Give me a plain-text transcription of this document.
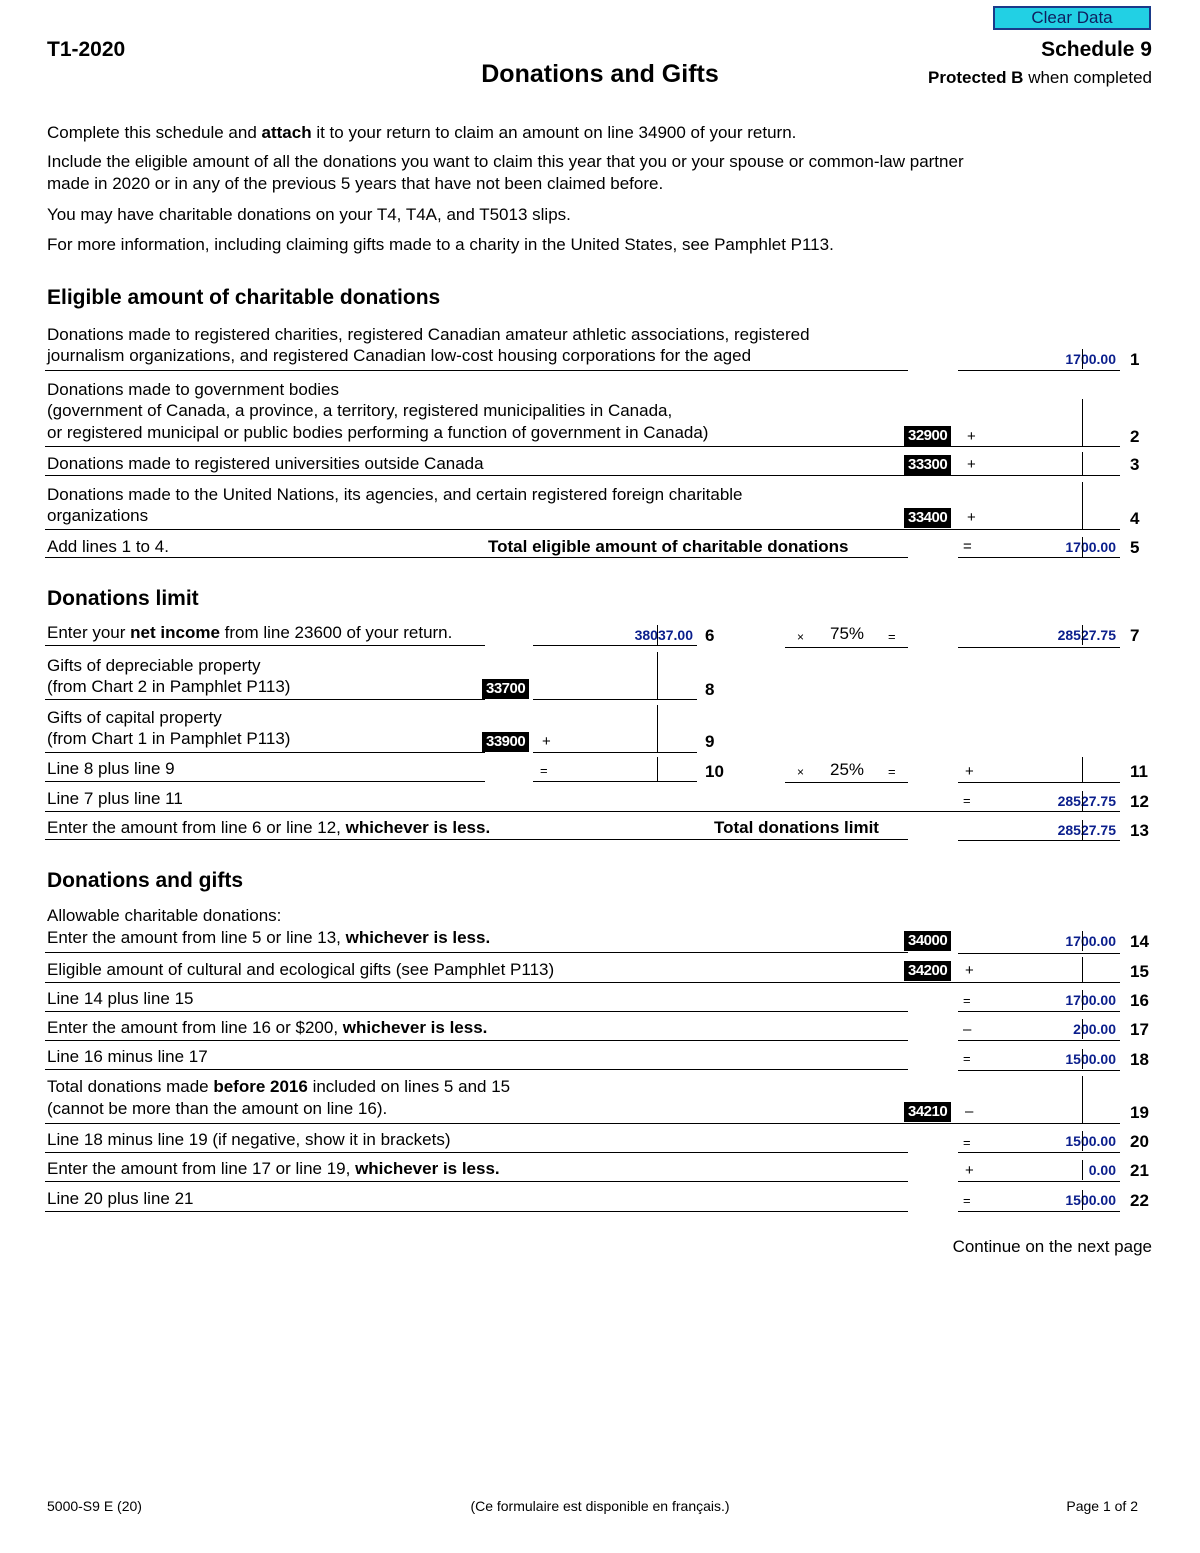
Clear Data
T1-2020
Donations and Gifts
Schedule 9
Protected B when completed
Complete this schedule and attach it to your return to claim an amount on line 34900 of your return.
Include the eligible amount of all the donations you want to claim this year that you or your spouse or common-law partner
made in 2020 or in any of the previous 5 years that have not been claimed before.
You may have charitable donations on your T4, T4A, and T5013 slips.
For more information, including claiming gifts made to a charity in the United States, see Pamphlet P113.
Eligible amount of charitable donations
Donations made to registered charities, registered Canadian amateur athletic associations, registered
journalism organizations, and registered Canadian low-cost housing corporations for the aged	1700.00 1
Donations made to government bodies
(government of Canada, a province, a territory, registered municipalities in Canada,
or registered municipal or public bodies performing a function of government in Canada)	32900 +	2
Donations made to registered universities outside Canada	33300 +	3
Donations made to the United Nations, its agencies, and certain registered foreign charitable
organizations	33400 +	4
Add lines 1 to 4.	Total eligible amount of charitable donations	=	1700.00 5
Donations limit
Enter your net income from line 23600 of your return.	38037.00 6	× 75% =	28527.75 7
Gifts of depreciable property
(from Chart 2 in Pamphlet P113)	33700	8
Gifts of capital property
(from Chart 1 in Pamphlet P113)	33900 +	9
Line 8 plus line 9	=	10	× 25% =	+	11
Line 7 plus line 11	=	28527.75 12
Enter the amount from line 6 or line 12, whichever is less.	Total donations limit	28527.75 13
Donations and gifts
Allowable charitable donations:
Enter the amount from line 5 or line 13, whichever is less.	34000	1700.00 14
Eligible amount of cultural and ecological gifts (see Pamphlet P113)	34200 +	15
Line 14 plus line 15	=	1700.00 16
Enter the amount from line 16 or $200, whichever is less.	–	200.00 17
Line 16 minus line 17	=	1500.00 18
Total donations made before 2016 included on lines 5 and 15
(cannot be more than the amount on line 16).	34210 –	19
Line 18 minus line 19 (if negative, show it in brackets)	=	1500.00 20
Enter the amount from line 17 or line 19, whichever is less.	+	0.00 21
Line 20 plus line 21	=	1500.00 22
Continue on the next page
5000-S9 E (20)	(Ce formulaire est disponible en français.)	Page 1 of 2
